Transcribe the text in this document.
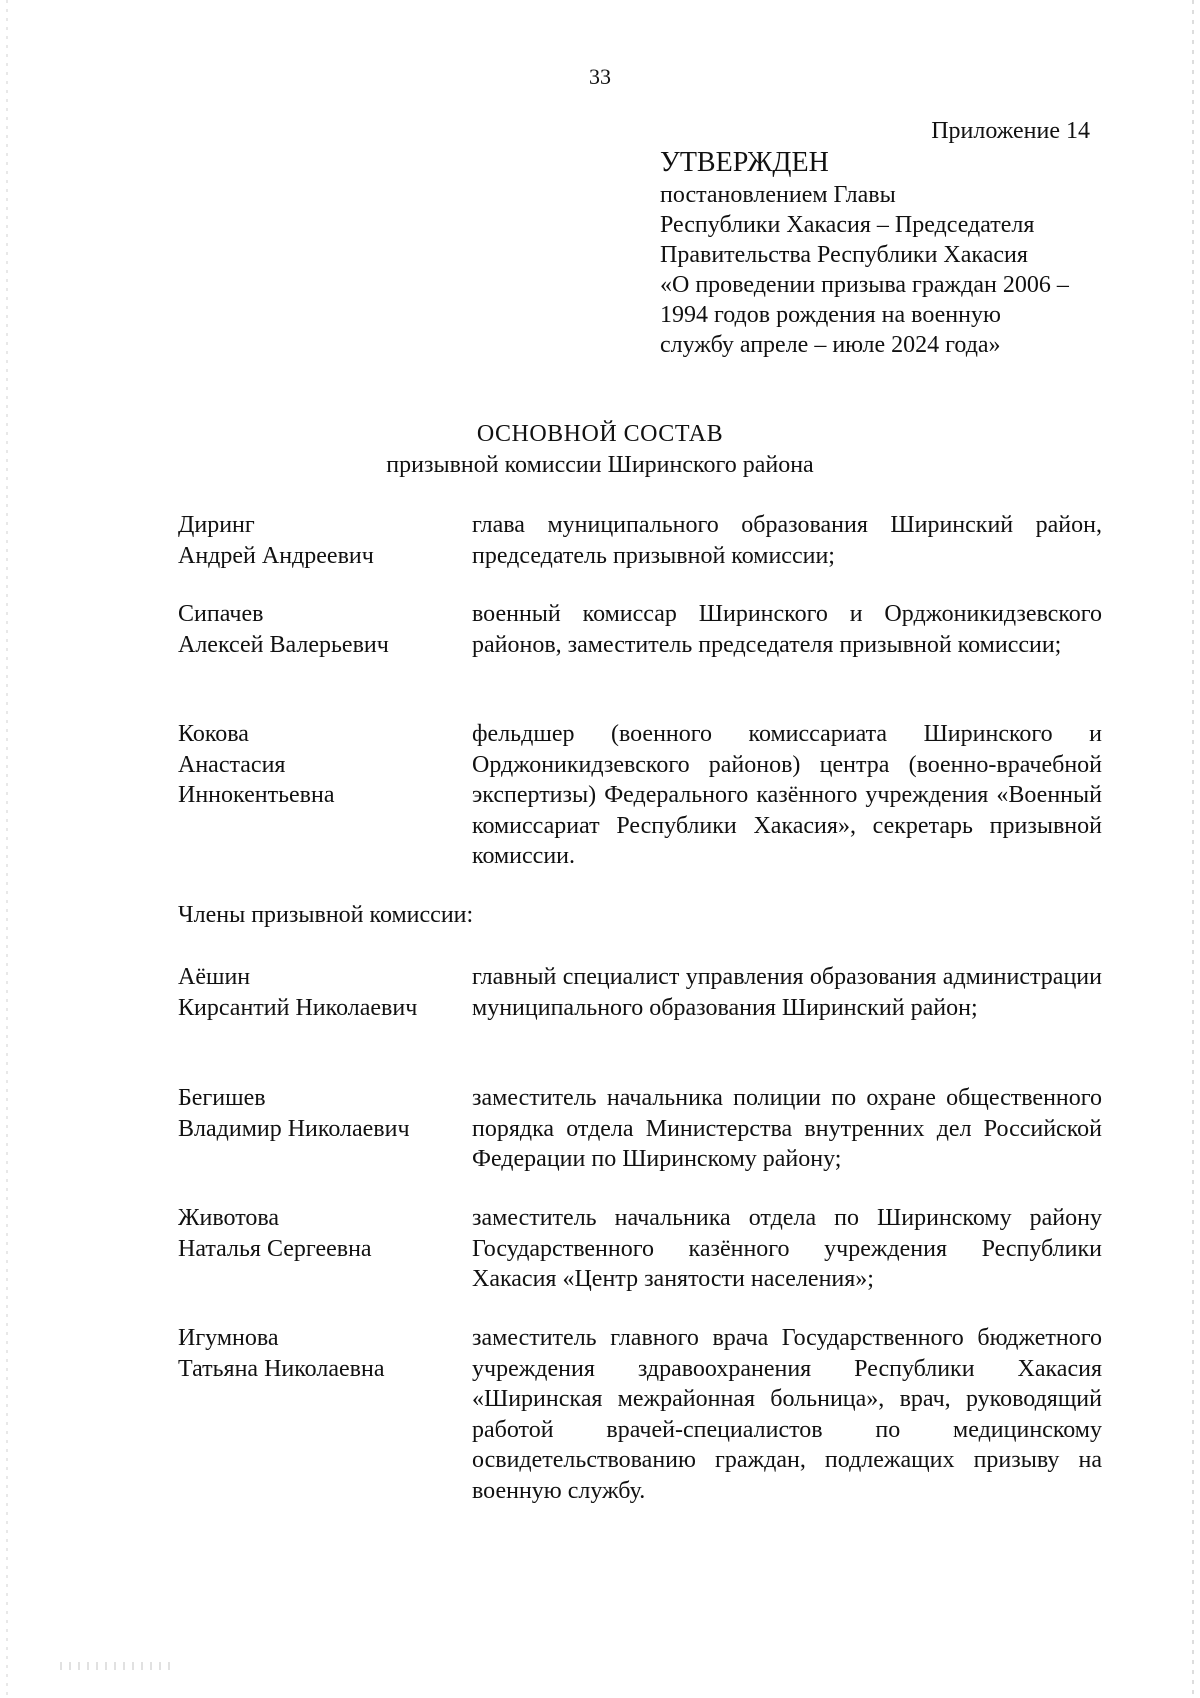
33
Приложение 14
УТВЕРЖДЕН
постановлением Главы
Республики Хакасия – Председателя
Правительства Республики Хакасия
«О проведении призыва граждан 2006 –
1994 годов рождения на военную
службу апреле – июле 2024 года»
ОСНОВНОЙ СОСТАВ
призывной комиссии Ширинского района
Диринг
Андрей Андреевич
глава муниципального образования Ширинский район, председатель призывной комиссии;
Сипачев
Алексей Валерьевич
военный комиссар Ширинского и Орджоникидзевского районов, заместитель председателя призывной комиссии;
Кокова
Анастасия
Иннокентьевна
фельдшер (военного комиссариата Ширинского и Орджоникидзевского районов) центра (военно-врачебной экспертизы) Федерального казённого учреждения «Военный комиссариат Республики Хакасия», секретарь призывной комиссии.
Члены призывной комиссии:
Аёшин
Кирсантий Николаевич
главный специалист управления образования администрации муниципального образования Ширинский район;
Бегишев
Владимир Николаевич
заместитель начальника полиции по охране общественного порядка отдела Министерства внутренних дел Российской Федерации по Ширинскому району;
Животова
Наталья Сергеевна
заместитель начальника отдела по Ширинскому району Государственного казённого учреждения Республики Хакасия «Центр занятости населения»;
Игумнова
Татьяна Николаевна
заместитель главного врача Государственного бюджетного учреждения здравоохранения Республики Хакасия «Ширинская межрайонная больница», врач, руководящий работой врачей-специалистов по медицинскому освидетельствованию граждан, подлежащих призыву на военную службу.
